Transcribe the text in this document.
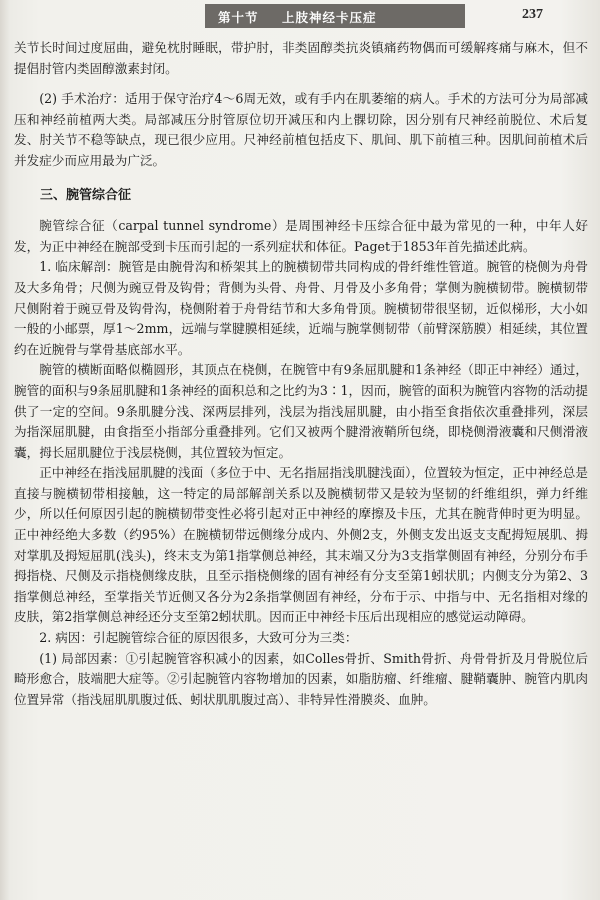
第十节 上肢神经卡压症	237

关节长时间过度屈曲，避免枕肘睡眠，带护肘，非类固醇类抗炎镇痛药物偶而可缓解疼痛与麻木，但不提倡肘管内类固醇激素封闭。

(2) 手术治疗：适用于保守治疗4～6周无效，或有手内在肌萎缩的病人。手术的方法可分为局部减压和神经前植两大类。局部减压分肘管原位切开减压和内上髁切除，因分别有尺神经前脱位、术后复发、肘关节不稳等缺点，现已很少应用。尺神经前植包括皮下、肌间、肌下前植三种。因肌间前植术后并发症少而应用最为广泛。

三、腕管综合征

腕管综合征（carpal tunnel syndrome）是周围神经卡压综合征中最为常见的一种，中年人好发，为正中神经在腕部受到卡压而引起的一系列症状和体征。Paget于1853年首先描述此病。

1. 临床解剖：腕管是由腕骨沟和桥架其上的腕横韧带共同构成的骨纤维性管道。腕管的桡侧为舟骨及大多角骨；尺侧为豌豆骨及钩骨；背侧为头骨、舟骨、月骨及小多角骨；掌侧为腕横韧带。腕横韧带尺侧附着于豌豆骨及钩骨沟，桡侧附着于舟骨结节和大多角骨顶。腕横韧带很坚韧，近似梯形，大小如一般的小邮票，厚1～2mm，远端与掌腱膜相延续，近端与腕掌侧韧带（前臂深筋膜）相延续，其位置约在近腕骨与掌骨基底部水平。

腕管的横断面略似椭圆形，其顶点在桡侧，在腕管中有9条屈肌腱和1条神经（即正中神经）通过，腕管的面积与9条屈肌腱和1条神经的面积总和之比约为3∶1，因而，腕管的面积为腕管内容物的活动提供了一定的空间。9条肌腱分浅、深两层排列，浅层为指浅屈肌腱，由小指至食指依次重叠排列，深层为指深屈肌腱，由食指至小指部分重叠排列。它们又被两个腱滑液鞘所包绕，即桡侧滑液囊和尺侧滑液囊，拇长屈肌腱位于浅层桡侧，其位置较为恒定。

正中神经在指浅屈肌腱的浅面（多位于中、无名指屈指浅肌腱浅面），位置较为恒定，正中神经总是直接与腕横韧带相接触，这一特定的局部解剖关系以及腕横韧带又是较为坚韧的纤维组织，弹力纤维少，所以任何原因引起的腕横韧带变性必将引起对正中神经的摩擦及卡压，尤其在腕背伸时更为明显。正中神经绝大多数（约95%）在腕横韧带远侧缘分成内、外侧2支，外侧支发出返支支配拇短展肌、拇对掌肌及拇短屈肌(浅头)，终末支为第1指掌侧总神经，其末端又分为3支指掌侧固有神经，分别分布手拇指桡、尺侧及示指桡侧缘皮肤，且至示指桡侧缘的固有神经有分支至第1蚓状肌；内侧支分为第2、3指掌侧总神经，至掌指关节近侧又各分为2条指掌侧固有神经，分布于示、中指与中、无名指相对缘的皮肤，第2指掌侧总神经还分支至第2蚓状肌。因而正中神经卡压后出现相应的感觉运动障碍。

2. 病因：引起腕管综合征的原因很多，大致可分为三类：

(1) 局部因素：①引起腕管容积减小的因素，如Colles骨折、Smith骨折、舟骨骨折及月骨脱位后畸形愈合，肢端肥大症等。②引起腕管内容物增加的因素，如脂肪瘤、纤维瘤、腱鞘囊肿、腕管内肌肉位置异常（指浅屈肌肌腹过低、蚓状肌肌腹过高）、非特异性滑膜炎、血肿。
